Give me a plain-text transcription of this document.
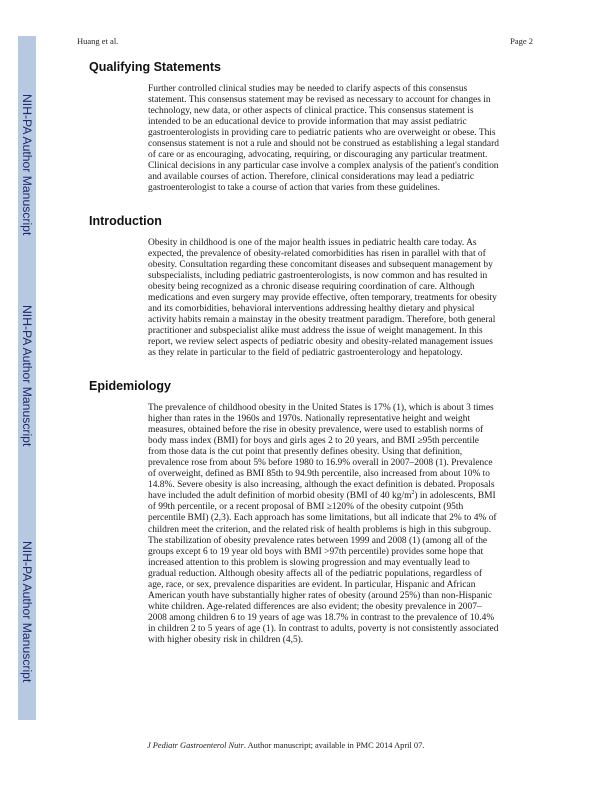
NIH-PA Author Manuscript
NIH-PA Author Manuscript
NIH-PA Author Manuscript
Huang et al.	Page 2
Qualifying Statements
Further controlled clinical studies may be needed to clarify aspects of this consensus
statement. This consensus statement may be revised as necessary to account for changes in
technology, new data, or other aspects of clinical practice. This consensus statement is
intended to be an educational device to provide information that may assist pediatric
gastroenterologists in providing care to pediatric patients who are overweight or obese. This
consensus statement is not a rule and should not be construed as establishing a legal standard
of care or as encouraging, advocating, requiring, or discouraging any particular treatment.
Clinical decisions in any particular case involve a complex analysis of the patient's condition
and available courses of action. Therefore, clinical considerations may lead a pediatric
gastroenterologist to take a course of action that varies from these guidelines.
Introduction
Obesity in childhood is one of the major health issues in pediatric health care today. As
expected, the prevalence of obesity-related comorbidities has risen in parallel with that of
obesity. Consultation regarding these concomitant diseases and subsequent management by
subspecialists, including pediatric gastroenterologists, is now common and has resulted in
obesity being recognized as a chronic disease requiring coordination of care. Although
medications and even surgery may provide effective, often temporary, treatments for obesity
and its comorbidities, behavioral interventions addressing healthy dietary and physical
activity habits remain a mainstay in the obesity treatment paradigm. Therefore, both general
practitioner and subspecialist alike must address the issue of weight management. In this
report, we review select aspects of pediatric obesity and obesity-related management issues
as they relate in particular to the field of pediatric gastroenterology and hepatology.
Epidemiology
The prevalence of childhood obesity in the United States is 17% (1), which is about 3 times
higher than rates in the 1960s and 1970s. Nationally representative height and weight
measures, obtained before the rise in obesity prevalence, were used to establish norms of
body mass index (BMI) for boys and girls ages 2 to 20 years, and BMI ≥95th percentile
from those data is the cut point that presently defines obesity. Using that definition,
prevalence rose from about 5% before 1980 to 16.9% overall in 2007–2008 (1). Prevalence
of overweight, defined as BMI 85th to 94.9th percentile, also increased from about 10% to
14.8%. Severe obesity is also increasing, although the exact definition is debated. Proposals
have included the adult definition of morbid obesity (BMI of 40 $kg/m^2$) in adolescents, BMI
of 99th percentile, or a recent proposal of BMI ≥120% of the obesity cutpoint (95th
percentile BMI) (2,3). Each approach has some limitations, but all indicate that 2% to 4% of
children meet the criterion, and the related risk of health problems is high in this subgroup.
The stabilization of obesity prevalence rates between 1999 and 2008 (1) (among all of the
groups except 6 to 19 year old boys with BMI >97th percentile) provides some hope that
increased attention to this problem is slowing progression and may eventually lead to
gradual reduction. Although obesity affects all of the pediatric populations, regardless of
age, race, or sex, prevalence disparities are evident. In particular, Hispanic and African
American youth have substantially higher rates of obesity (around 25%) than non-Hispanic
white children. Age-related differences are also evident; the obesity prevalence in 2007–
2008 among children 6 to 19 years of age was 18.7% in contrast to the prevalence of 10.4%
in children 2 to 5 years of age (1). In contrast to adults, poverty is not consistently associated
with higher obesity risk in children (4,5).
J Pediatr Gastroenterol Nutr. Author manuscript; available in PMC 2014 April 07.
